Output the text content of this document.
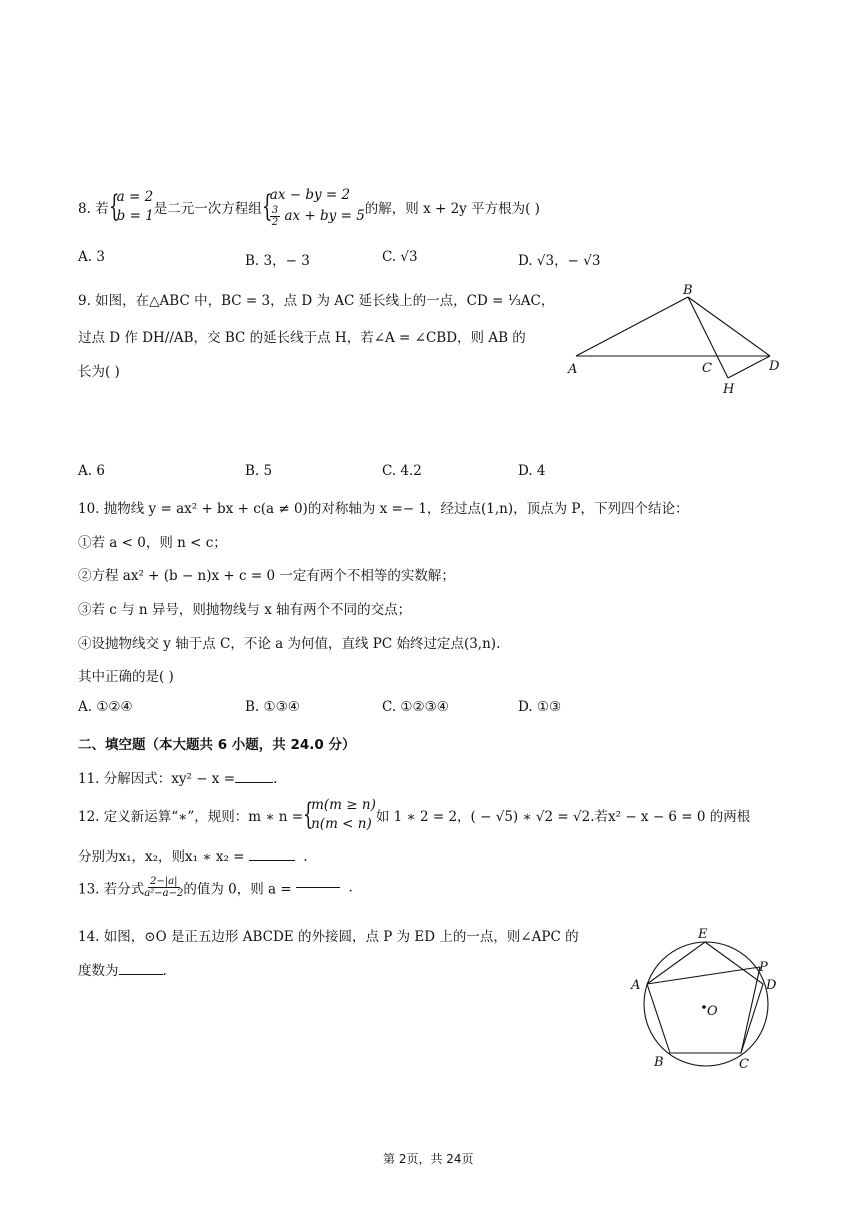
8. 若{
a = 2
b = 1 是二元一次方程组{
ax − by = 2
$\frac{3}{2}$ ax + by = 5 的解，则 x + 2y 平方根为( )
A. 3	B. 3，− 3	C. √3	D. √3，− √3
9. 如图，在△ABC 中，BC = 3，点 D 为 AC 延长线上的一点，CD = ⅓AC，
过点 D 作 DH//AB，交 BC 的延长线于点 H，若∠A = ∠CBD，则 AB 的
长为( )
B
A	C	D
H
A. 6	B. 5	C. 4.2	D. 4
10. 抛物线 y = ax² + bx + c(a ≠ 0)的对称轴为 x =− 1，经过点(1,n)，顶点为 P，下列四个结论：
①若 a < 0，则 n < c；
②方程 ax² + (b − n)x + c = 0 一定有两个不相等的实数解；
③若 c 与 n 异号，则抛物线与 x 轴有两个不同的交点；
④设抛物线交 y 轴于点 C，不论 a 为何值，直线 PC 始终过定点(3,n).
其中正确的是( )
A. ①②④	B. ①③④	C. ①②③④	D. ①③
二、填空题（本大题共 6 小题，共 24.0 分）
11. 分解因式：xy² − x =	.
12. 定义新运算“∗”，规则：m ∗ n ={
m(m ≥ n)
n(m < n) 如 1 ∗ 2 = 2，( − √5) ∗ √2 = √2.若x² − x − 6 = 0 的两根
分别为x₁，x₂，则x₁ ∗ x₂ =	.
13. 若分式 $\frac{2-|a|}{\text{a²−a−2}}$ 的值为 0，则 a =	.
14. 如图，⊙O 是正五边形 ABCDE 的外接圆，点 P 为 ED 上的一点，则∠APC 的
度数为	.
E
P
A	D
O
B	C
第 2页，共 24页
